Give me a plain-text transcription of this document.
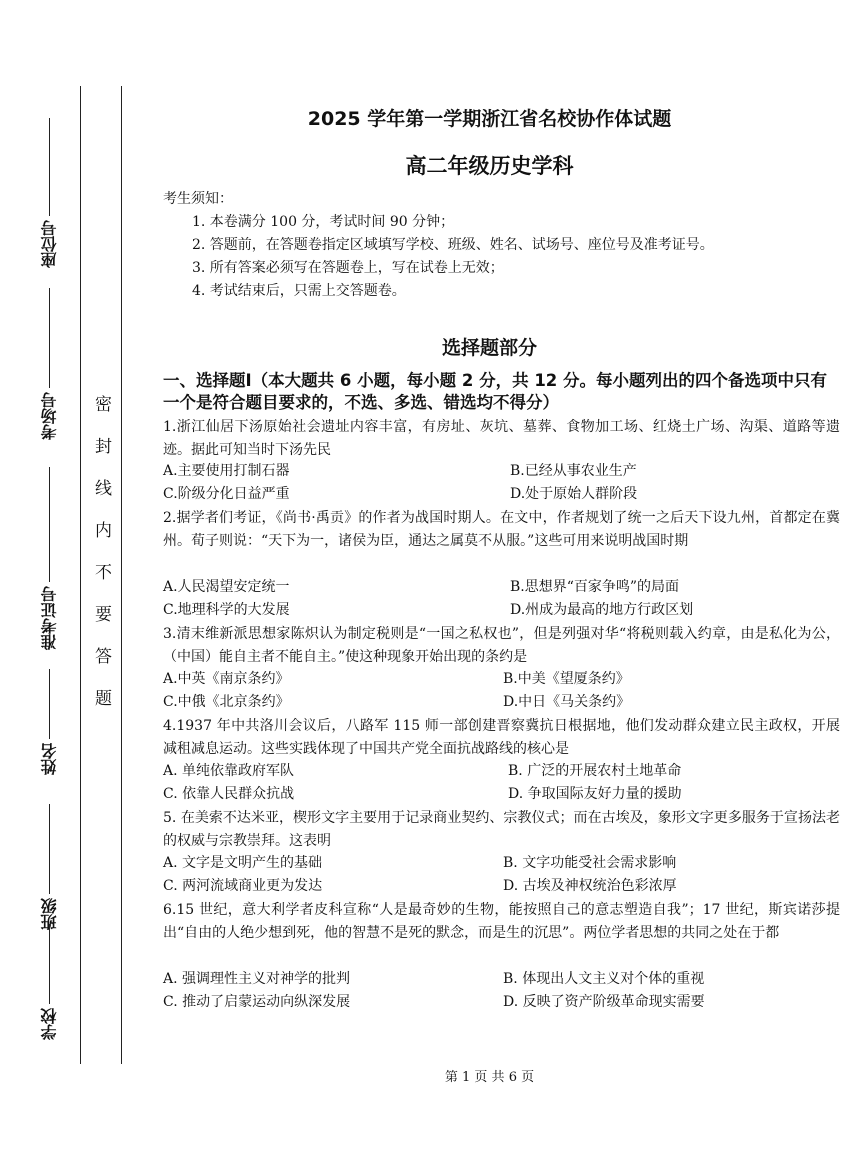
座位号
考场号
准考证号
姓名
班级
学校
密封线内不要答题
2025 学年第一学期浙江省名校协作体试题
高二年级历史学科
考生须知：
1. 本卷满分 100 分，考试时间 90 分钟；
2. 答题前，在答题卷指定区域填写学校、班级、姓名、试场号、座位号及准考证号。
3. 所有答案必须写在答题卷上，写在试卷上无效；
4. 考试结束后，只需上交答题卷。
选择题部分
一、选择题Ⅰ（本大题共 6 小题，每小题 2 分，共 12 分。每小题列出的四个备选项中只有一个是符合题目要求的，不选、多选、错选均不得分）
1.浙江仙居下汤原始社会遗址内容丰富，有房址、灰坑、墓葬、食物加工场、红烧土广场、沟渠、道路等遗迹。据此可知当时下汤先民
A.主要使用打制石器	B.已经从事农业生产
C.阶级分化日益严重	D.处于原始人群阶段
2.据学者们考证，《尚书·禹贡》的作者为战国时期人。在文中，作者规划了统一之后天下设九州，首都定在冀州。荀子则说：“天下为一，诸侯为臣，通达之属莫不从服。”这些可用来说明战国时期
A.人民渴望安定统一	B.思想界“百家争鸣”的局面
C.地理科学的大发展	D.州成为最高的地方行政区划
3.清末维新派思想家陈炽认为制定税则是“一国之私权也”，但是列强对华“将税则载入约章，由是私化为公，（中国）能自主者不能自主。”使这种现象开始出现的条约是
A.中英《南京条约》	B.中美《望厦条约》
C.中俄《北京条约》	D.中日《马关条约》
4.1937 年中共洛川会议后，八路军 115 师一部创建晋察冀抗日根据地，他们发动群众建立民主政权，开展减租减息运动。这些实践体现了中国共产党全面抗战路线的核心是
A. 单纯依靠政府军队	B. 广泛的开展农村土地革命
C. 依靠人民群众抗战	D. 争取国际友好力量的援助
5. 在美索不达米亚，楔形文字主要用于记录商业契约、宗教仪式；而在古埃及，象形文字更多服务于宣扬法老的权威与宗教崇拜。这表明
A. 文字是文明产生的基础	B. 文字功能受社会需求影响
C. 两河流域商业更为发达	D. 古埃及神权统治色彩浓厚
6.15 世纪，意大利学者皮科宣称“人是最奇妙的生物，能按照自己的意志塑造自我”；17 世纪，斯宾诺莎提出“自由的人绝少想到死，他的智慧不是死的默念，而是生的沉思”。两位学者思想的共同之处在于都
A. 强调理性主义对神学的批判	B. 体现出人文主义对个体的重视
C. 推动了启蒙运动向纵深发展	D. 反映了资产阶级革命现实需要
第 1 页 共 6 页
